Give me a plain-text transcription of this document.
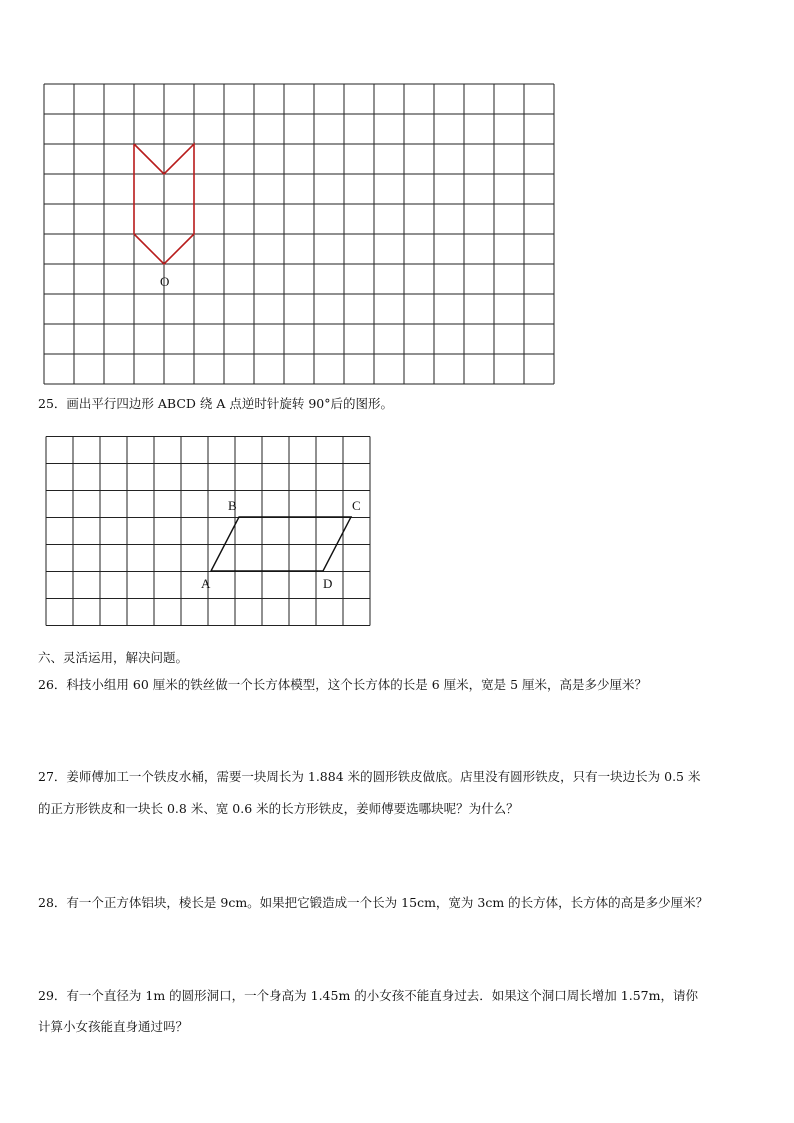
O
25．画出平行四边形 ABCD 绕 A 点逆时针旋转 90°后的图形。
B	C
A	D
六、灵活运用，解决问题。
26．科技小组用 60 厘米的铁丝做一个长方体模型，这个长方体的长是 6 厘米，宽是 5 厘米，高是多少厘米？
27．姜师傅加工一个铁皮水桶，需要一块周长为 1.884 米的圆形铁皮做底。店里没有圆形铁皮，只有一块边长为 0.5 米
的正方形铁皮和一块长 0.8 米、宽 0.6 米的长方形铁皮，姜师傅要选哪块呢？为什么？
28．有一个正方体铝块，棱长是 9cm。如果把它锻造成一个长为 15cm，宽为 3cm 的长方体，长方体的高是多少厘米？
29．有一个直径为 1m 的圆形洞口，一个身高为 1.45m 的小女孩不能直身过去．如果这个洞口周长增加 1.57m，请你
计算小女孩能直身通过吗？
